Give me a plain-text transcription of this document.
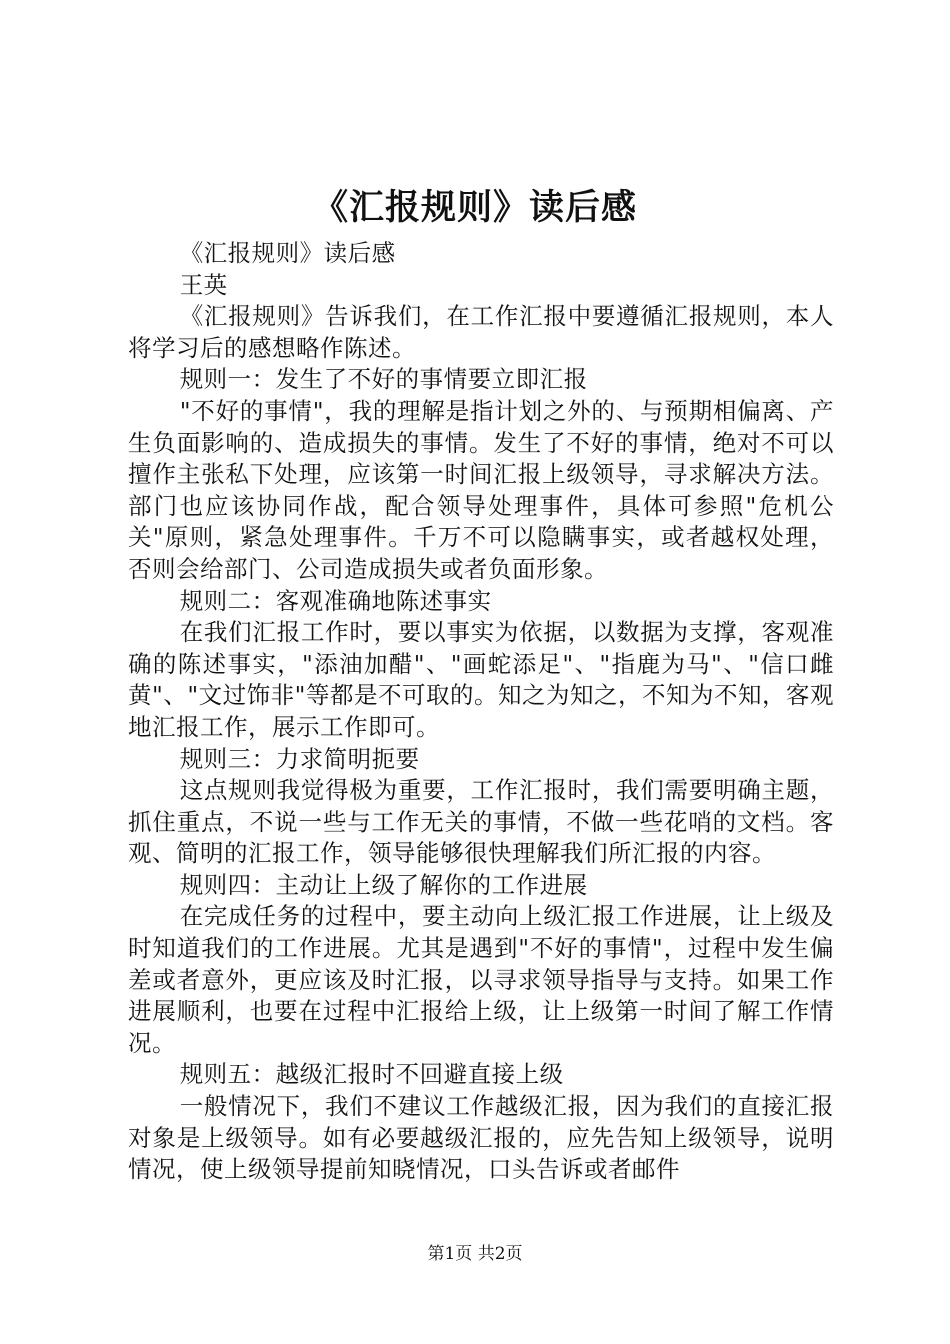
《汇报规则》读后感

《汇报规则》读后感

王英

《汇报规则》告诉我们，在工作汇报中要遵循汇报规则，本人将学习后的感想略作陈述。

规则一：发生了不好的事情要立即汇报

"不好的事情"，我的理解是指计划之外的、与预期相偏离、产生负面影响的、造成损失的事情。发生了不好的事情，绝对不可以擅作主张私下处理，应该第一时间汇报上级领导，寻求解决方法。部门也应该协同作战，配合领导处理事件，具体可参照"危机公关"原则，紧急处理事件。千万不可以隐瞒事实，或者越权处理，否则会给部门、公司造成损失或者负面形象。

规则二：客观准确地陈述事实

在我们汇报工作时，要以事实为依据，以数据为支撑，客观准确的陈述事实，"添油加醋"、"画蛇添足"、"指鹿为马"、"信口雌黄"、"文过饰非"等都是不可取的。知之为知之，不知为不知，客观地汇报工作，展示工作即可。

规则三：力求简明扼要

这点规则我觉得极为重要，工作汇报时，我们需要明确主题，抓住重点，不说一些与工作无关的事情，不做一些花哨的文档。客观、简明的汇报工作，领导能够很快理解我们所汇报的内容。

规则四：主动让上级了解你的工作进展

在完成任务的过程中，要主动向上级汇报工作进展，让上级及时知道我们的工作进展。尤其是遇到"不好的事情"，过程中发生偏差或者意外，更应该及时汇报，以寻求领导指导与支持。如果工作进展顺利，也要在过程中汇报给上级，让上级第一时间了解工作情况。

规则五：越级汇报时不回避直接上级

一般情况下，我们不建议工作越级汇报，因为我们的直接汇报对象是上级领导。如有必要越级汇报的，应先告知上级领导，说明情况，使上级领导提前知晓情况，口头告诉或者邮件

第1页 共2页
